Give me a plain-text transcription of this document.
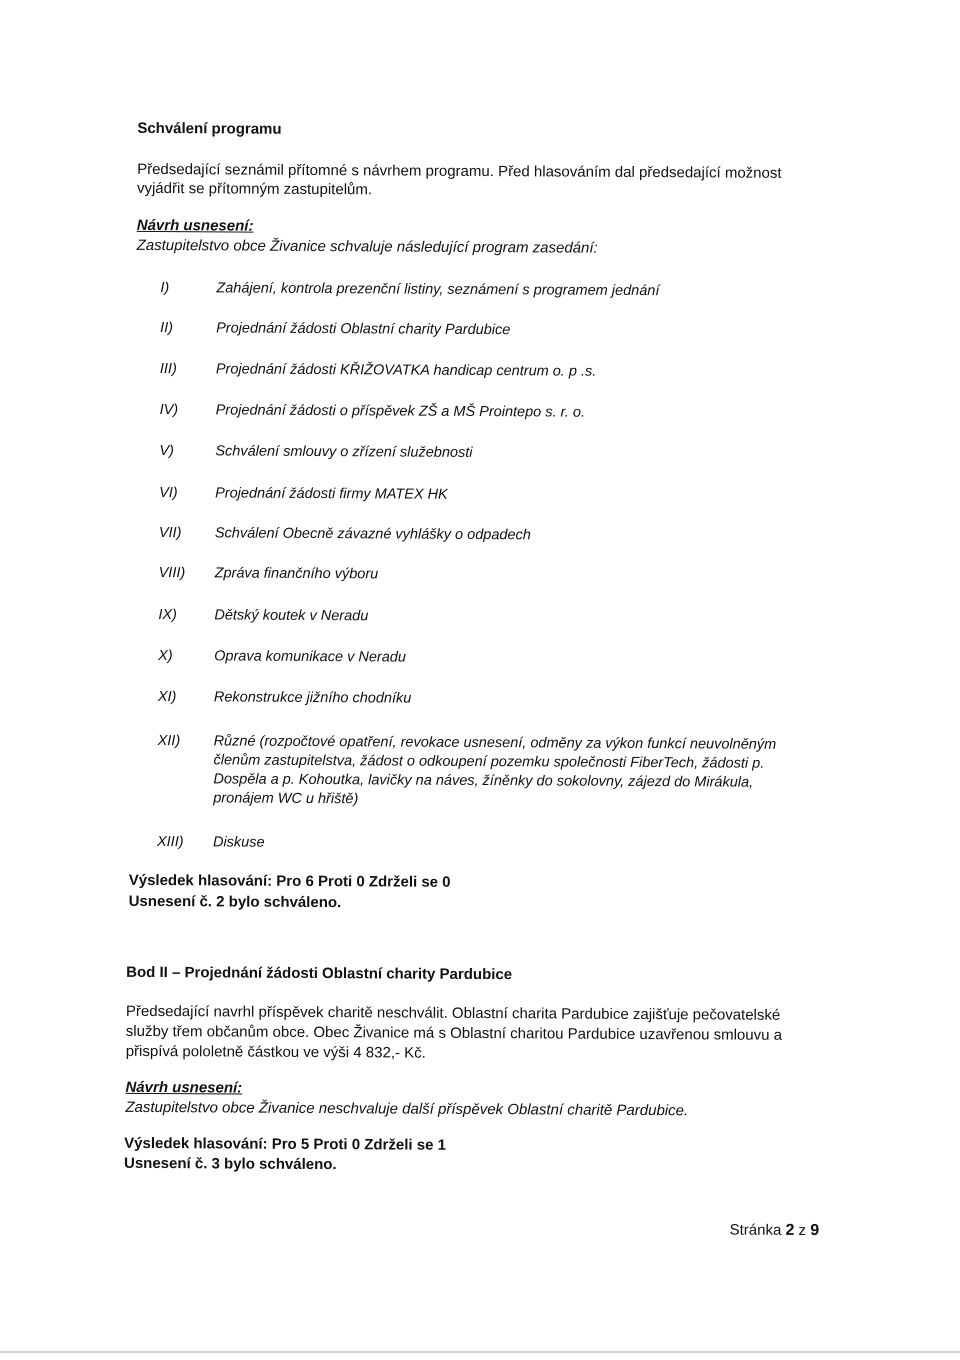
Schválení programu
Předsedající seznámil přítomné s návrhem programu. Před hlasováním dal předsedající možnost
vyjádřit se přítomným zastupitelům.
Návrh usnesení:
Zastupitelstvo obce Živanice schvaluje následující program zasedání:
I)	Zahájení, kontrola prezenční listiny, seznámení s programem jednání
II)	Projednání žádosti Oblastní charity Pardubice
III)	Projednání žádosti KŘIŽOVATKA handicap centrum o. p .s.
IV)	Projednání žádosti o příspěvek ZŠ a MŠ Prointepo s. r. o.
V)	Schválení smlouvy o zřízení služebnosti
VI)	Projednání žádosti firmy MATEX HK
VII)	Schválení Obecně závazné vyhlášky o odpadech
VIII)	Zpráva finančního výboru
IX)	Dětský koutek v Neradu
X)	Oprava komunikace v Neradu
XI)	Rekonstrukce jižního chodníku
XII)	Různé (rozpočtové opatření, revokace usnesení, odměny za výkon funkcí neuvolněným
členům zastupitelstva, žádost o odkoupení pozemku společnosti FiberTech, žádosti p.
Dospěla a p. Kohoutka, lavičky na náves, žíněnky do sokolovny, zájezd do Mirákula,
pronájem WC u hřiště)
XIII)	Diskuse
Výsledek hlasování: Pro 6 Proti 0 Zdrželi se 0
Usnesení č. 2 bylo schváleno.
Bod II – Projednání žádosti Oblastní charity Pardubice
Předsedající navrhl příspěvek charitě neschválit. Oblastní charita Pardubice zajišťuje pečovatelské
služby třem občanům obce. Obec Živanice má s Oblastní charitou Pardubice uzavřenou smlouvu a
přispívá pololetně částkou ve výši 4 832,- Kč.
Návrh usnesení:
Zastupitelstvo obce Živanice neschvaluje další příspěvek Oblastní charitě Pardubice.
Výsledek hlasování: Pro 5 Proti 0 Zdrželi se 1
Usnesení č. 3 bylo schváleno.
Stránka 2 z 9
